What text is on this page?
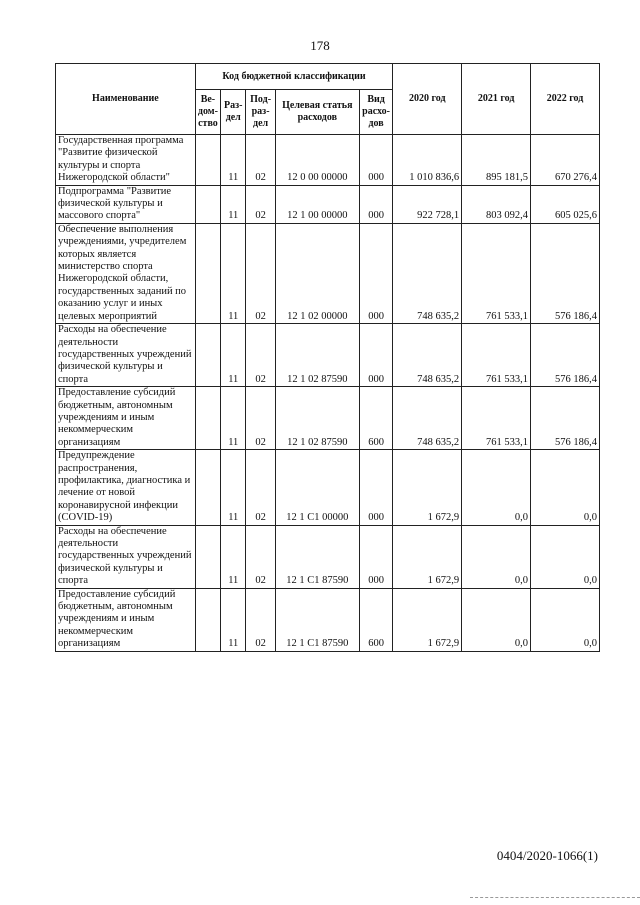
178
Наименование	Код бюджетной классификации					2020 год	2021 год	2022 год
	Ве-дом-ство	Раз-дел	Под-раз-дел	Целевая статья расходов	Вид расхо-дов			
Государственная программа "Развитие физической культуры и спорта Нижегородской области"		11	02	12 0 00 00000	000	1 010 836,6	895 181,5	670 276,4
Подпрограмма "Развитие физической культуры и массового спорта"		11	02	12 1 00 00000	000	922 728,1	803 092,4	605 025,6
Обеспечение выполнения учреждениями, учредителем которых является министерство спорта Нижегородской области, государственных заданий по оказанию услуг и иных целевых мероприятий		11	02	12 1 02 00000	000	748 635,2	761 533,1	576 186,4
Расходы на обеспечение деятельности государственных учреждений физической культуры и спорта		11	02	12 1 02 87590	000	748 635,2	761 533,1	576 186,4
Предоставление субсидий бюджетным, автономным учреждениям и иным некоммерческим организациям		11	02	12 1 02 87590	600	748 635,2	761 533,1	576 186,4
Предупреждение распространения, профилактика, диагностика и лечение от новой коронавирусной инфекции (COVID-19)		11	02	12 1 C1 00000	000	1 672,9	0,0	0,0
Расходы на обеспечение деятельности государственных учреждений физической культуры и спорта		11	02	12 1 C1 87590	000	1 672,9	0,0	0,0
Предоставление субсидий бюджетным, автономным учреждениям и иным некоммерческим организациям		11	02	12 1 C1 87590	600	1 672,9	0,0	0,0
0404/2020-1066(1)
